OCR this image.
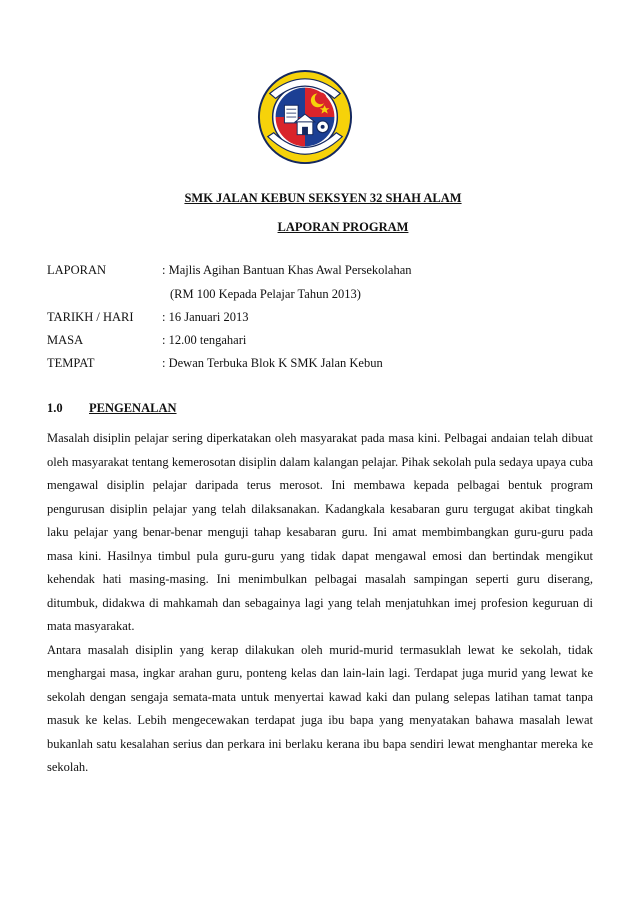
SMK JALAN KEBUN SEKSYEN 32 SHAH ALAM
LAPORAN PROGRAM
LAPORAN	: Majlis Agihan Bantuan Khas Awal Persekolahan
(RM 100 Kepada Pelajar Tahun 2013)
TARIKH / HARI : 16 Januari 2013
MASA	: 12.00 tengahari
TEMPAT	: Dewan Terbuka Blok K SMK Jalan Kebun
1.0 PENGENALAN

Masalah disiplin pelajar sering diperkatakan oleh masyarakat pada masa kini. Pelbagai andaian telah dibuat oleh masyarakat tentang kemerosotan disiplin dalam kalangan pelajar. Pihak sekolah pula sedaya upaya cuba mengawal disiplin pelajar daripada terus merosot. Ini membawa kepada pelbagai bentuk program pengurusan disiplin pelajar yang telah dilaksanakan. Kadangkala kesabaran guru tergugat akibat tingkah laku pelajar yang benar-benar menguji tahap kesabaran guru. Ini amat membimbangkan guru-guru pada masa kini. Hasilnya timbul pula guru-guru yang tidak dapat mengawal emosi dan bertindak mengikut kehendak hati masing-masing. Ini menimbulkan pelbagai masalah sampingan seperti guru diserang, ditumbuk, didakwa di mahkamah dan sebagainya lagi yang telah menjatuhkan imej profesion keguruan di mata masyarakat.

Antara masalah disiplin yang kerap dilakukan oleh murid-murid termasuklah lewat ke sekolah, tidak menghargai masa, ingkar arahan guru, ponteng kelas dan lain-lain lagi. Terdapat juga murid yang lewat ke sekolah dengan sengaja semata-mata untuk menyertai kawad kaki dan pulang selepas latihan tamat tanpa masuk ke kelas. Lebih mengecewakan terdapat juga ibu bapa yang menyatakan bahawa masalah lewat bukanlah satu kesalahan serius dan perkara ini berlaku kerana ibu bapa sendiri lewat menghantar mereka ke sekolah.
